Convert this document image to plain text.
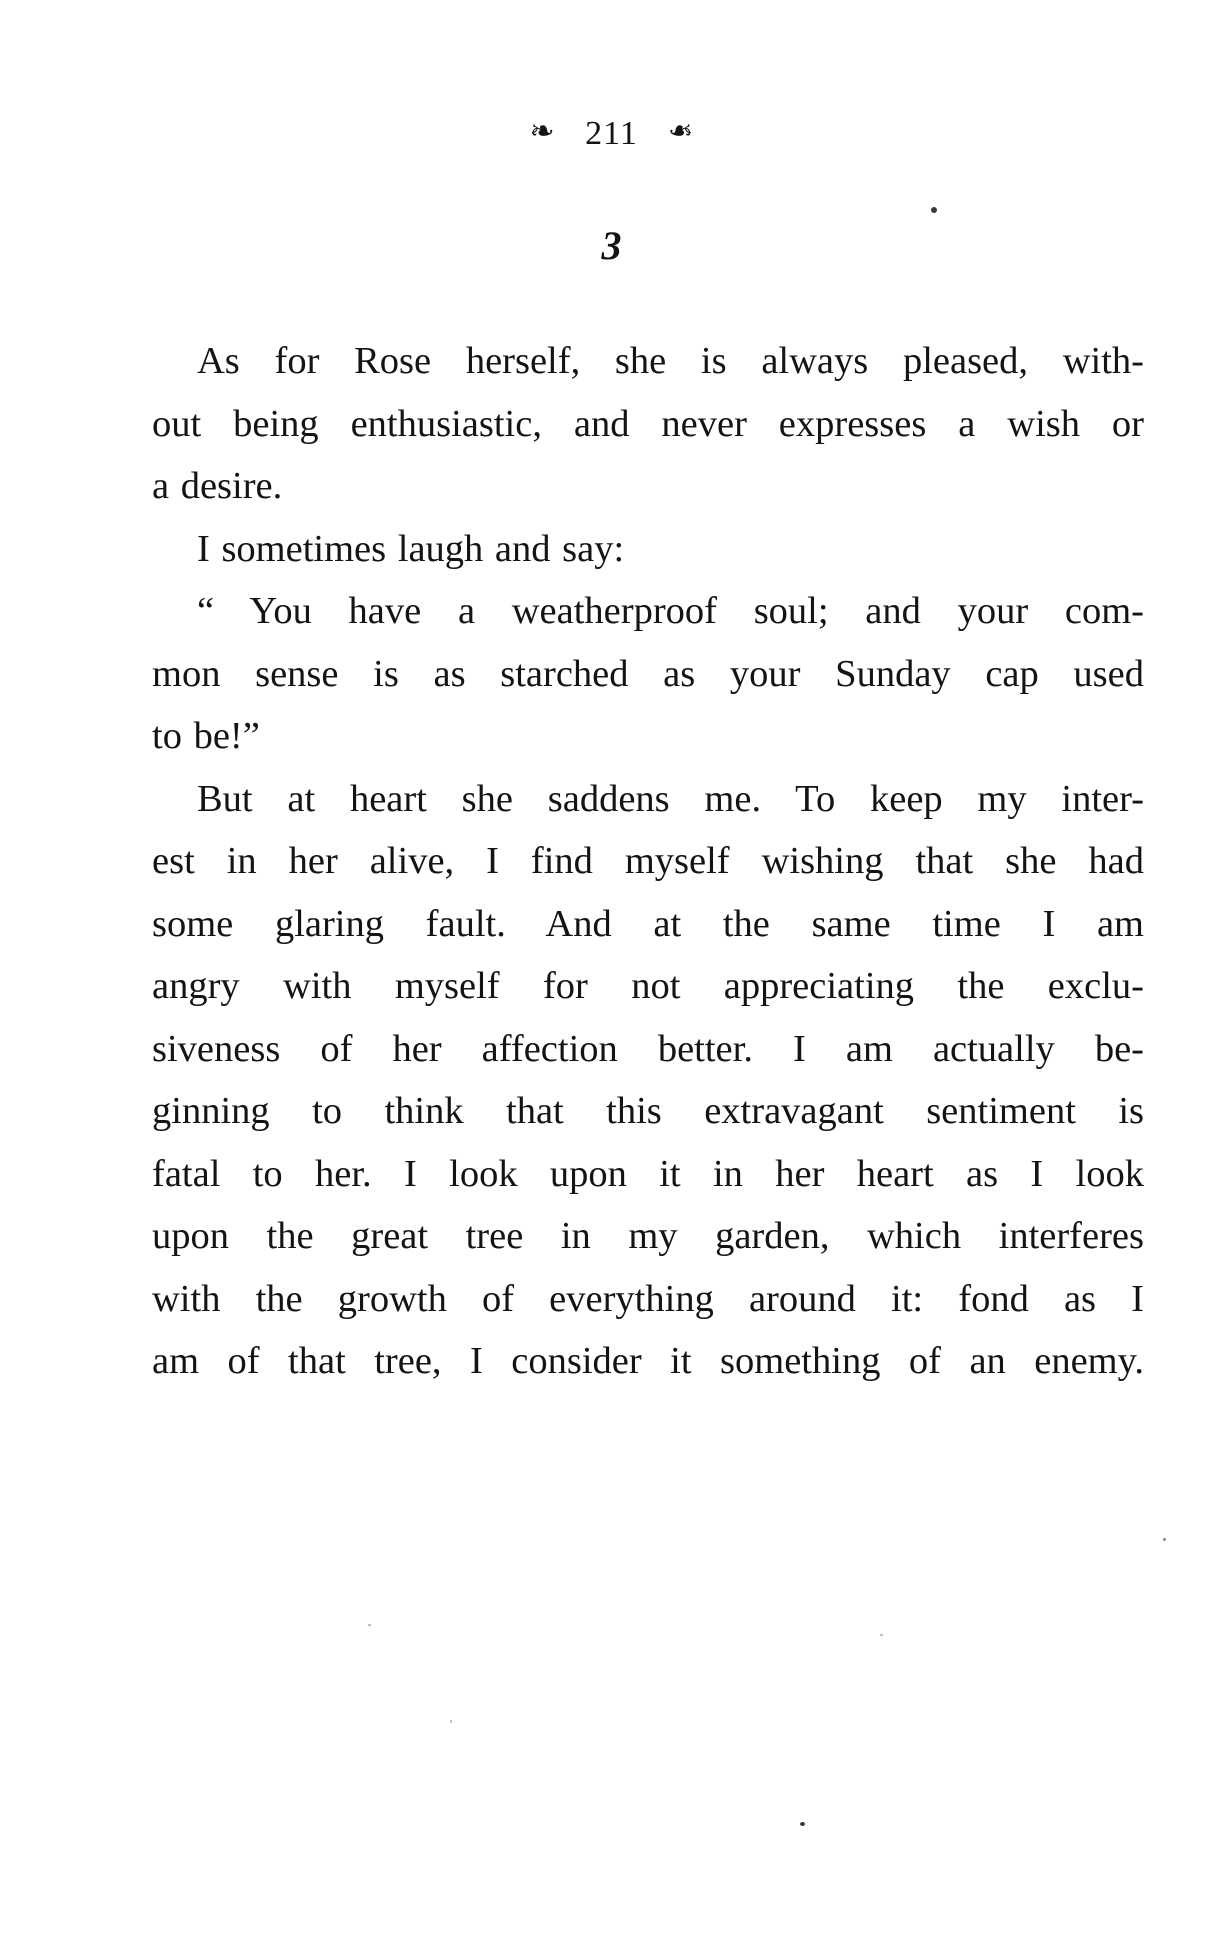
❧ 211 ❧
3
As for Rose herself, she is always pleased, with-
out being enthusiastic, and never expresses a wish or
a desire.
I sometimes laugh and say:
“ You have a weatherproof soul; and your com-
mon sense is as starched as your Sunday cap used
to be!”
But at heart she saddens me. To keep my inter-
est in her alive, I find myself wishing that she had
some glaring fault. And at the same time I am
angry with myself for not appreciating the exclu-
siveness of her affection better. I am actually be-
ginning to think that this extravagant sentiment is
fatal to her. I look upon it in her heart as I look
upon the great tree in my garden, which interferes
with the growth of everything around it: fond as I
am of that tree, I consider it something of an enemy.
